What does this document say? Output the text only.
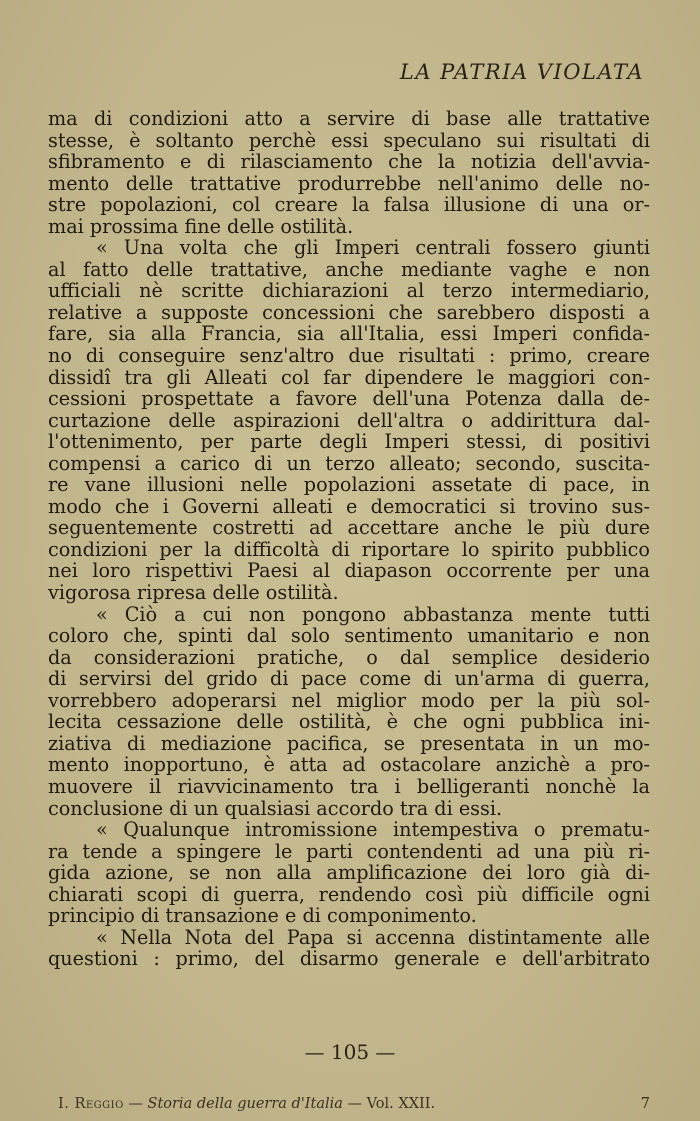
LA PATRIA VIOLATA
ma di condizioni atto a servire di base alle trattative
stesse, è soltanto perchè essi speculano sui risultati di
sfibramento e di rilasciamento che la notizia dell'avvia-
mento delle trattative produrrebbe nell'animo delle no-
stre popolazioni, col creare la falsa illusione di una or-
mai prossima fine delle ostilità.
« Una volta che gli Imperi centrali fossero giunti
al fatto delle trattative, anche mediante vaghe e non
ufficiali nè scritte dichiarazioni al terzo intermediario,
relative a supposte concessioni che sarebbero disposti a
fare, sia alla Francia, sia all'Italia, essi Imperi confida-
no di conseguire senz'altro due risultati : primo, creare
dissidî tra gli Alleati col far dipendere le maggiori con-
cessioni prospettate a favore dell'una Potenza dalla de-
curtazione delle aspirazioni dell'altra o addirittura dal-
l'ottenimento, per parte degli Imperi stessi, di positivi
compensi a carico di un terzo alleato; secondo, suscita-
re vane illusioni nelle popolazioni assetate di pace, in
modo che i Governi alleati e democratici si trovino sus-
seguentemente costretti ad accettare anche le più dure
condizioni per la difficoltà di riportare lo spirito pubblico
nei loro rispettivi Paesi al diapason occorrente per una
vigorosa ripresa delle ostilità.
« Ciò a cui non pongono abbastanza mente tutti
coloro che, spinti dal solo sentimento umanitario e non
da considerazioni pratiche, o dal semplice desiderio
di servirsi del grido di pace come di un'arma di guerra,
vorrebbero adoperarsi nel miglior modo per la più sol-
lecita cessazione delle ostilità, è che ogni pubblica ini-
ziativa di mediazione pacifica, se presentata in un mo-
mento inopportuno, è atta ad ostacolare anzichè a pro-
muovere il riavvicinamento tra i belligeranti nonchè la
conclusione di un qualsiasi accordo tra di essi.
« Qualunque intromissione intempestiva o prematu-
ra tende a spingere le parti contendenti ad una più ri-
gida azione, se non alla amplificazione dei loro già di-
chiarati scopi di guerra, rendendo così più difficile ogni
principio di transazione e di componimento.
« Nella Nota del Papa si accenna distintamente alle
questioni : primo, del disarmo generale e dell'arbitrato
— 105 —
I. Reggio — Storia della guerra d'Italia — Vol. XXII.	7
